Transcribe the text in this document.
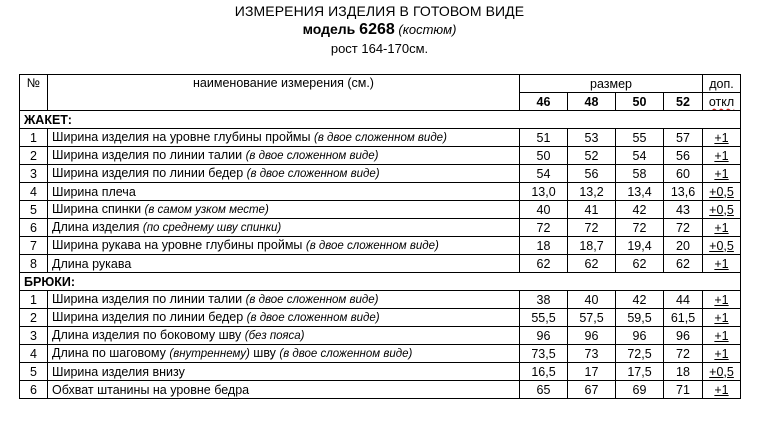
ИЗМЕРЕНИЯ ИЗДЕЛИЯ В ГОТОВОМ ВИДЕ
модель 6268 (костюм)
рост 164-170см.
№	наименование измерения (см.)	размер				доп.
		46	48	50	52	откл
ЖАКЕТ:						
1	Ширина изделия на уровне глубины проймы (в двое сложенном виде)	51	53	55	57	+1
2	Ширина изделия по линии талии (в двое сложенном виде)	50	52	54	56	+1
3	Ширина изделия по линии бедер (в двое сложенном виде)	54	56	58	60	+1
4	Ширина плеча	13,0	13,2	13,4	13,6	+0,5
5	Ширина спинки (в самом узком месте)	40	41	42	43	+0,5
6	Длина изделия (по среднему шву спинки)	72	72	72	72	+1
7	Ширина рукава на уровне глубины проймы (в двое сложенном виде)	18	18,7	19,4	20	+0,5
8	Длина рукава	62	62	62	62	+1
БРЮКИ:						
1	Ширина изделия по линии талии (в двое сложенном виде)	38	40	42	44	+1
2	Ширина изделия по линии бедер (в двое сложенном виде)	55,5	57,5	59,5	61,5	+1
3	Длина изделия по боковому шву (без пояса)	96	96	96	96	+1
4	Длина по шаговому (внутреннему) шву (в двое сложенном виде)	73,5	73	72,5	72	+1
5	Ширина изделия внизу	16,5	17	17,5	18	+0,5
6	Обхват штанины на уровне бедра	65	67	69	71	+1
